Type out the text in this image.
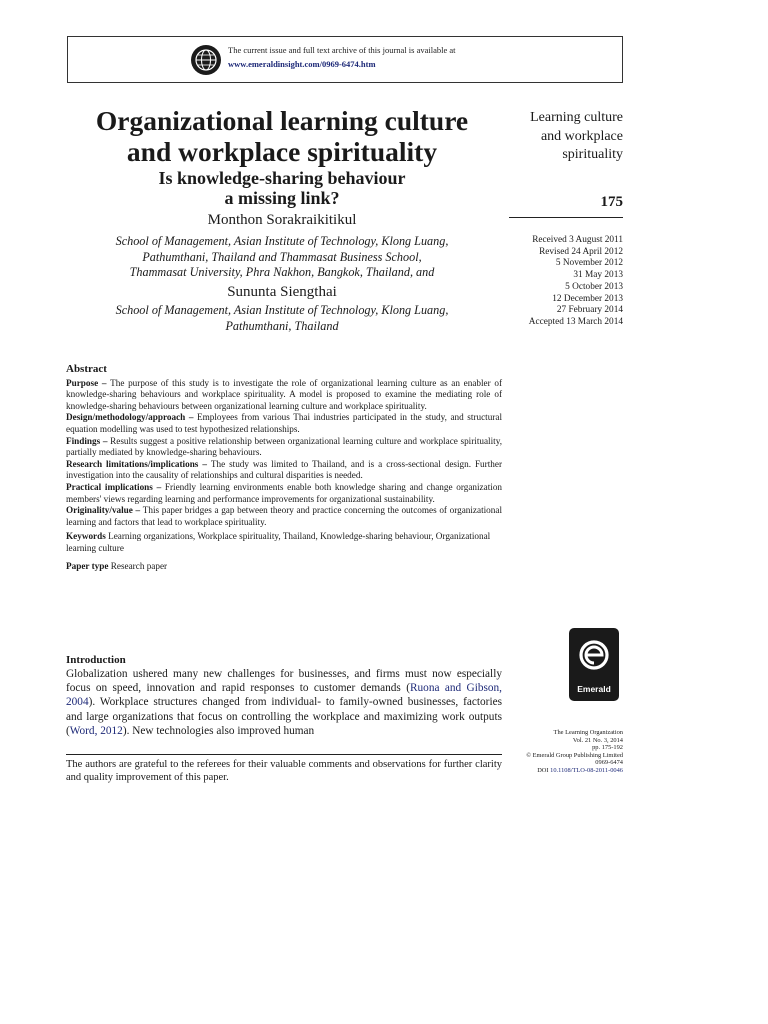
The current issue and full text archive of this journal is available at
www.emeraldinsight.com/0969-6474.htm
Organizational learning culture
and workplace spirituality
Is knowledge-sharing behaviour
a missing link?
Monthon Sorakraikitikul
School of Management, Asian Institute of Technology, Klong Luang,
Pathumthani, Thailand and Thammasat Business School,
Thammasat University, Phra Nakhon, Bangkok, Thailand, and
Sununta Siengthai
School of Management, Asian Institute of Technology, Klong Luang,
Pathumthani, Thailand
Learning culture
and workplace
spirituality
175
Received 3 August 2011
Revised 24 April 2012
5 November 2012
31 May 2013
5 October 2013
12 December 2013
27 February 2014
Accepted 13 March 2014
Abstract

Purpose – The purpose of this study is to investigate the role of organizational learning culture as an enabler of knowledge-sharing behaviours and workplace spirituality. A model is proposed to examine the mediating role of knowledge-sharing behaviours between organizational learning culture and workplace spirituality.

Design/methodology/approach – Employees from various Thai industries participated in the study, and structural equation modelling was used to test hypothesized relationships.

Findings – Results suggest a positive relationship between organizational learning culture and workplace spirituality, partially mediated by knowledge-sharing behaviours.

Research limitations/implications – The study was limited to Thailand, and is a cross-sectional design. Further investigation into the causality of relationships and cultural disparities is needed.

Practical implications – Friendly learning environments enable both knowledge sharing and change organization members' views regarding learning and performance improvements for organizational sustainability.

Originality/value – This paper bridges a gap between theory and practice concerning the outcomes of organizational learning and factors that lead to workplace spirituality.

Keywords Learning organizations, Workplace spirituality, Thailand, Knowledge-sharing behaviour, Organizational learning culture

Paper type Research paper

Emerald
Introduction

Globalization ushered many new challenges for businesses, and firms must now especially focus on speed, innovation and rapid responses to customer demands (Ruona and Gibson, 2004). Workplace structures changed from individual- to family-owned businesses, factories and large organizations that focus on controlling the workplace and maximizing work outputs (Word, 2012). New technologies also improved human	The Learning Organization
Vol. 21 No. 3, 2014
pp. 175-192
© Emerald Group Publishing Limited
0969-6474
DOI 10.1108/TLO-08-2011-0046
The authors are grateful to the referees for their valuable comments and observations for further clarity and quality improvement of this paper.
